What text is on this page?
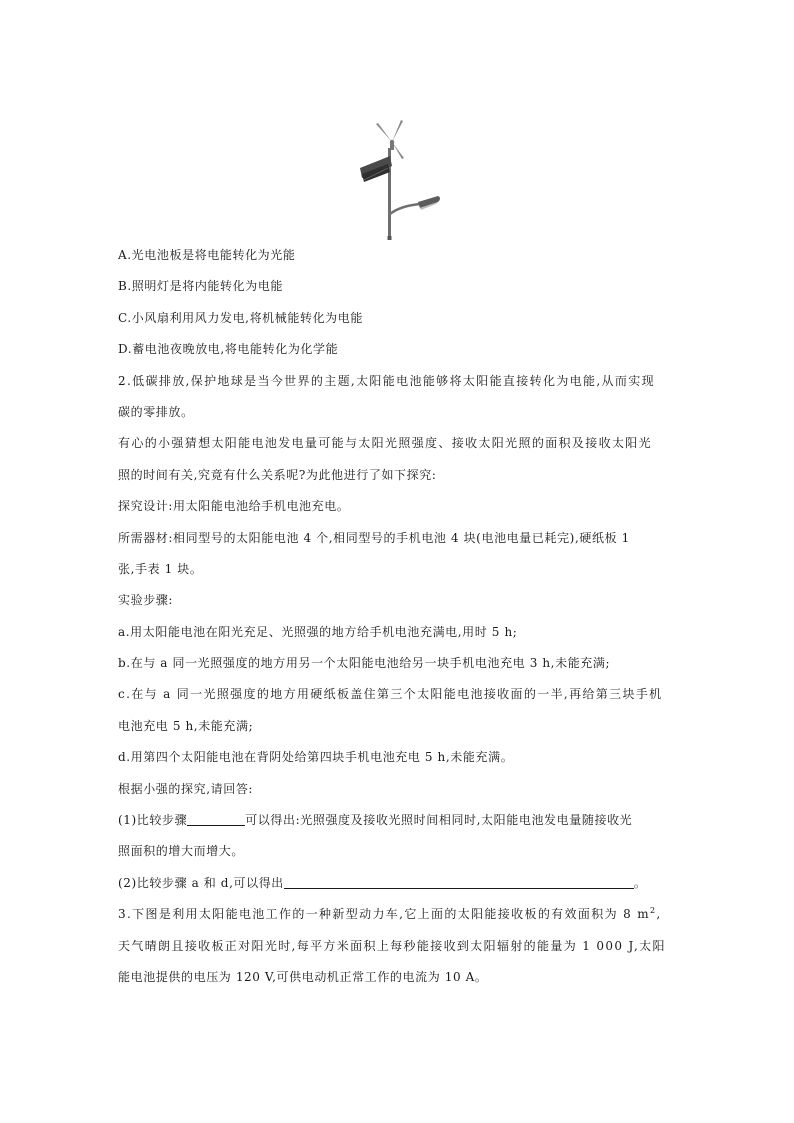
A.光电池板是将电能转化为光能
B.照明灯是将内能转化为电能
C.小风扇利用风力发电,将机械能转化为电能
D.蓄电池夜晚放电,将电能转化为化学能
2.低碳排放,保护地球是当今世界的主题,太阳能电池能够将太阳能直接转化为电能,从而实现
碳的零排放。
有心的小强猜想太阳能电池发电量可能与太阳光照强度、接收太阳光照的面积及接收太阳光
照的时间有关,究竟有什么关系呢?为此他进行了如下探究:
探究设计:用太阳能电池给手机电池充电。
所需器材:相同型号的太阳能电池 4 个,相同型号的手机电池 4 块(电池电量已耗完),硬纸板 1
张,手表 1 块。
实验步骤:
a.用太阳能电池在阳光充足、光照强的地方给手机电池充满电,用时 5 h;
b.在与 a 同一光照强度的地方用另一个太阳能电池给另一块手机电池充电 3 h,未能充满;
c.在与 a 同一光照强度的地方用硬纸板盖住第三个太阳能电池接收面的一半,再给第三块手机
电池充电 5 h,未能充满;
d.用第四个太阳能电池在背阴处给第四块手机电池充电 5 h,未能充满。
根据小强的探究,请回答:
(1)比较步骤	可以得出:光照强度及接收光照时间相同时,太阳能电池发电量随接收光
照面积的增大而增大。
(2)比较步骤 a 和 d,可以得出	。
3.下图是利用太阳能电池工作的一种新型动力车,它上面的太阳能接收板的有效面积为 8 $m^2$,
天气晴朗且接收板正对阳光时,每平方米面积上每秒能接收到太阳辐射的能量为 1 000 J,太阳
能电池提供的电压为 120 V,可供电动机正常工作的电流为 10 A。
